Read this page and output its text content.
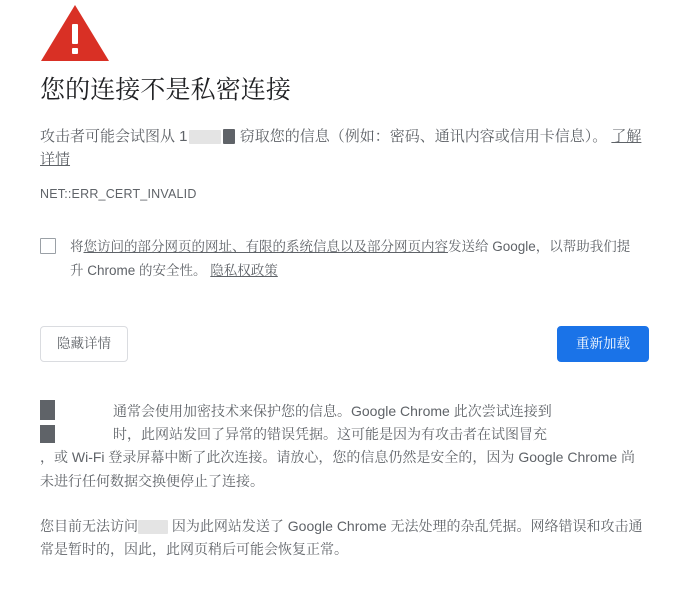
您的连接不是私密连接

攻击者可能会试图从 1	窃取您的信息（例如：密码、通讯内容或信用卡信息）。 了解详情

NET::ERR_CERT_INVALID
将您访问的部分网页的网址、有限的系统信息以及部分网页内容发送给 Google，以帮助我们提升 Chrome 的安全性。 隐私权政策
隐藏详情	重新加载

通常会使用加密技术来保护您的信息。Google Chrome 此次尝试连接到
时，此网站发回了异常的错误凭据。这可能是因为有攻击者在试图冒充
，或 Wi-Fi 登录屏幕中断了此次连接。请放心，您的信息仍然是安全的，因为 Google Chrome 尚未进行任何数据交换便停止了连接。

您目前无法访问 因为此网站发送了 Google Chrome 无法处理的杂乱凭据。网络错误和攻击通常是暂时的，因此，此网页稍后可能会恢复正常。
